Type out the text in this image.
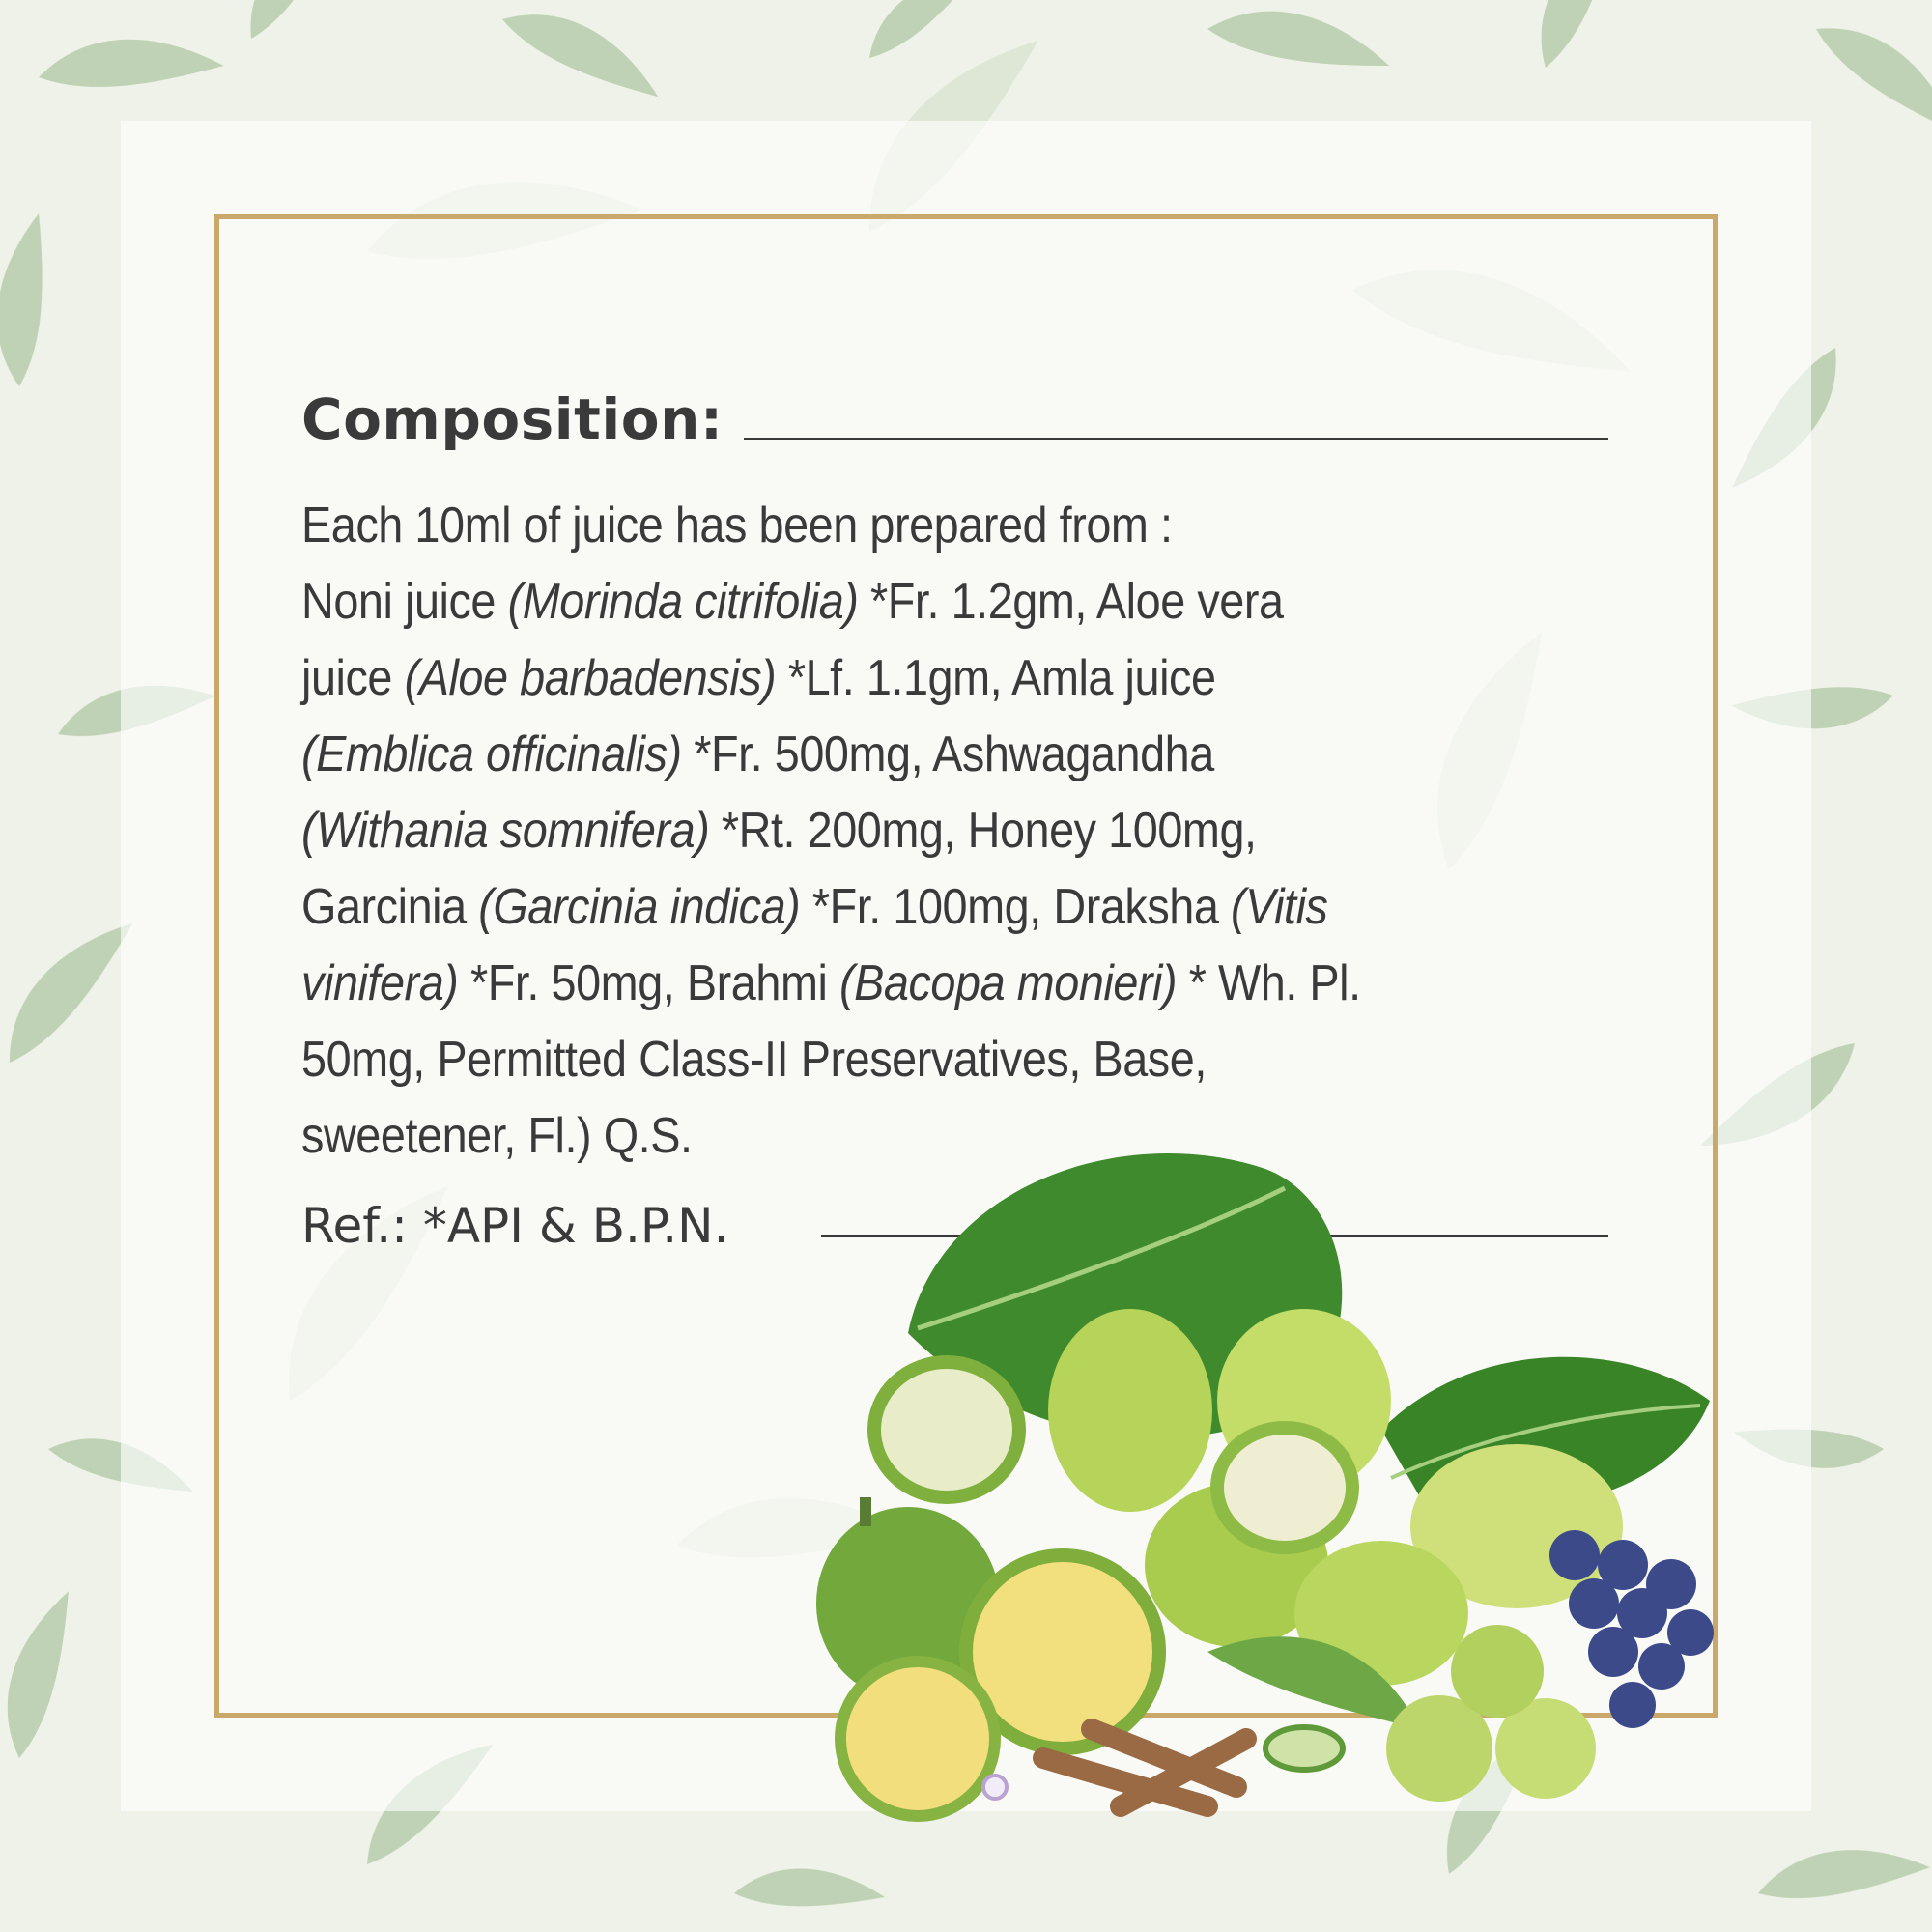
Composition:
Each 10ml of juice has been prepared from :
Noni juice (Morinda citrifolia) *Fr. 1.2gm, Aloe vera
juice (Aloe barbadensis) *Lf. 1.1gm, Amla juice
(Emblica officinalis) *Fr. 500mg, Ashwagandha
(Withania somnifera) *Rt. 200mg, Honey 100mg,
Garcinia (Garcinia indica) *Fr. 100mg, Draksha (Vitis
vinifera) *Fr. 50mg, Brahmi (Bacopa monieri) * Wh. Pl.
50mg, Permitted Class-II Preservatives, Base,
sweetener, Fl.) Q.S.

Ref.: *API & B.P.N.
